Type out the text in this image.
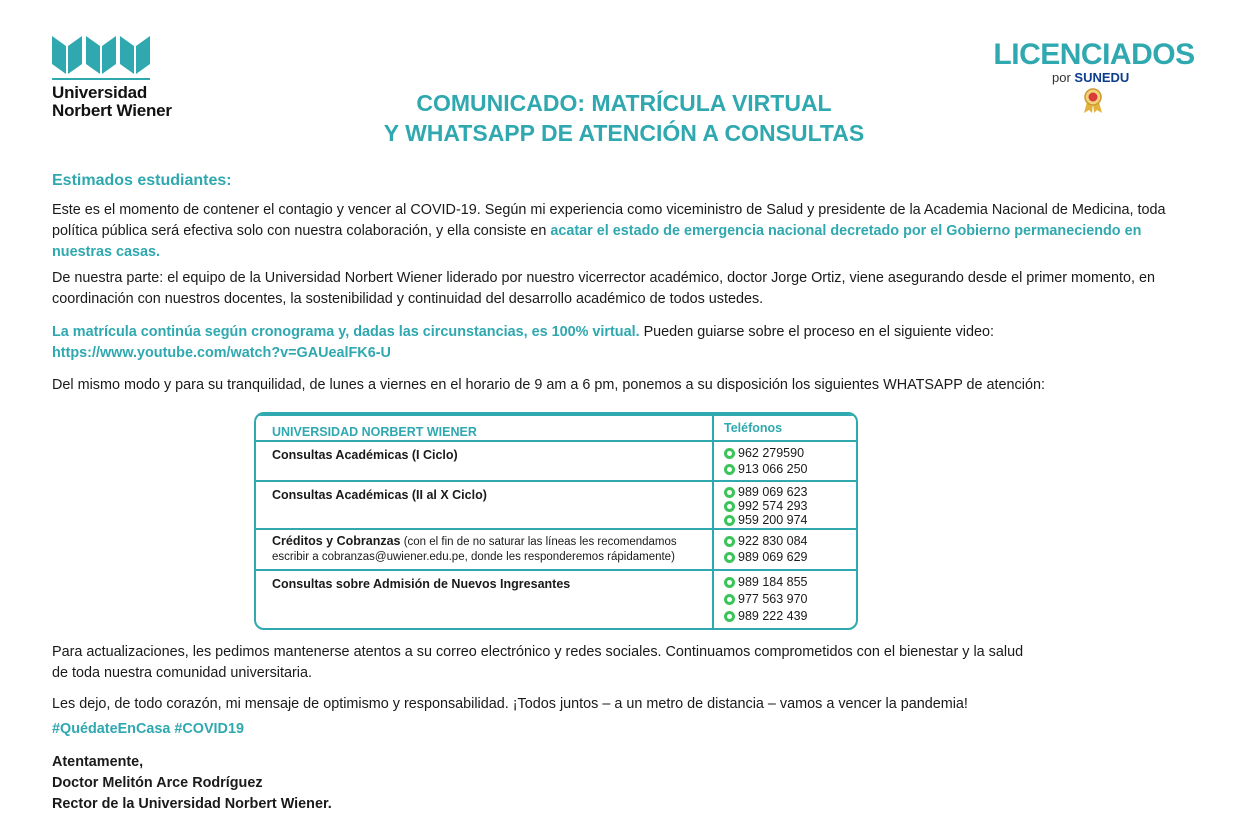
Universidad
Norbert Wiener
LICENCIADOS
por SUNEDU
COMUNICADO: MATRÍCULA VIRTUAL
Y WHATSAPP DE ATENCIÓN A CONSULTAS
Estimados estudiantes:
Este es el momento de contener el contagio y vencer al COVID-19. Según mi experiencia como viceministro de Salud y presidente de la Academia Nacional de Medicina, toda política pública será efectiva solo con nuestra colaboración, y ella consiste en acatar el estado de emergencia nacional decretado por el Gobierno permaneciendo en nuestras casas.
De nuestra parte: el equipo de la Universidad Norbert Wiener liderado por nuestro vicerrector académico, doctor Jorge Ortiz, viene asegurando desde el primer momento, en coordinación con nuestros docentes, la sostenibilidad y continuidad del desarrollo académico de todos ustedes.
La matrícula continúa según cronograma y, dadas las circunstancias, es 100% virtual. Pueden guiarse sobre el proceso en el siguiente video:
https://www.youtube.com/watch?v=GAUealFK6-U
Del mismo modo y para su tranquilidad, de lunes a viernes en el horario de 9 am a 6 pm, ponemos a su disposición los siguientes WHATSAPP de atención:
UNIVERSIDAD NORBERT WIENER	Teléfonos
Consultas Académicas (I Ciclo)	962 279590
913 066 250
Consultas Académicas (II al X Ciclo)	989 069 623
992 574 293
959 200 974
Créditos y Cobranzas (con el fin de no saturar las líneas les recomendamos escribir a cobranzas@uwiener.edu.pe, donde les responderemos rápidamente)
922 830 084
989 069 629
Consultas sobre Admisión de Nuevos Ingresantes	989 184 855
977 563 970
989 222 439
Para actualizaciones, les pedimos mantenerse atentos a su correo electrónico y redes sociales. Continuamos comprometidos con el bienestar y la salud
de toda nuestra comunidad universitaria.
Les dejo, de todo corazón, mi mensaje de optimismo y responsabilidad. ¡Todos juntos – a un metro de distancia – vamos a vencer la pandemia!
#QuédateEnCasa #COVID19
Atentamente,
Doctor Melitón Arce Rodríguez
Rector de la Universidad Norbert Wiener.
